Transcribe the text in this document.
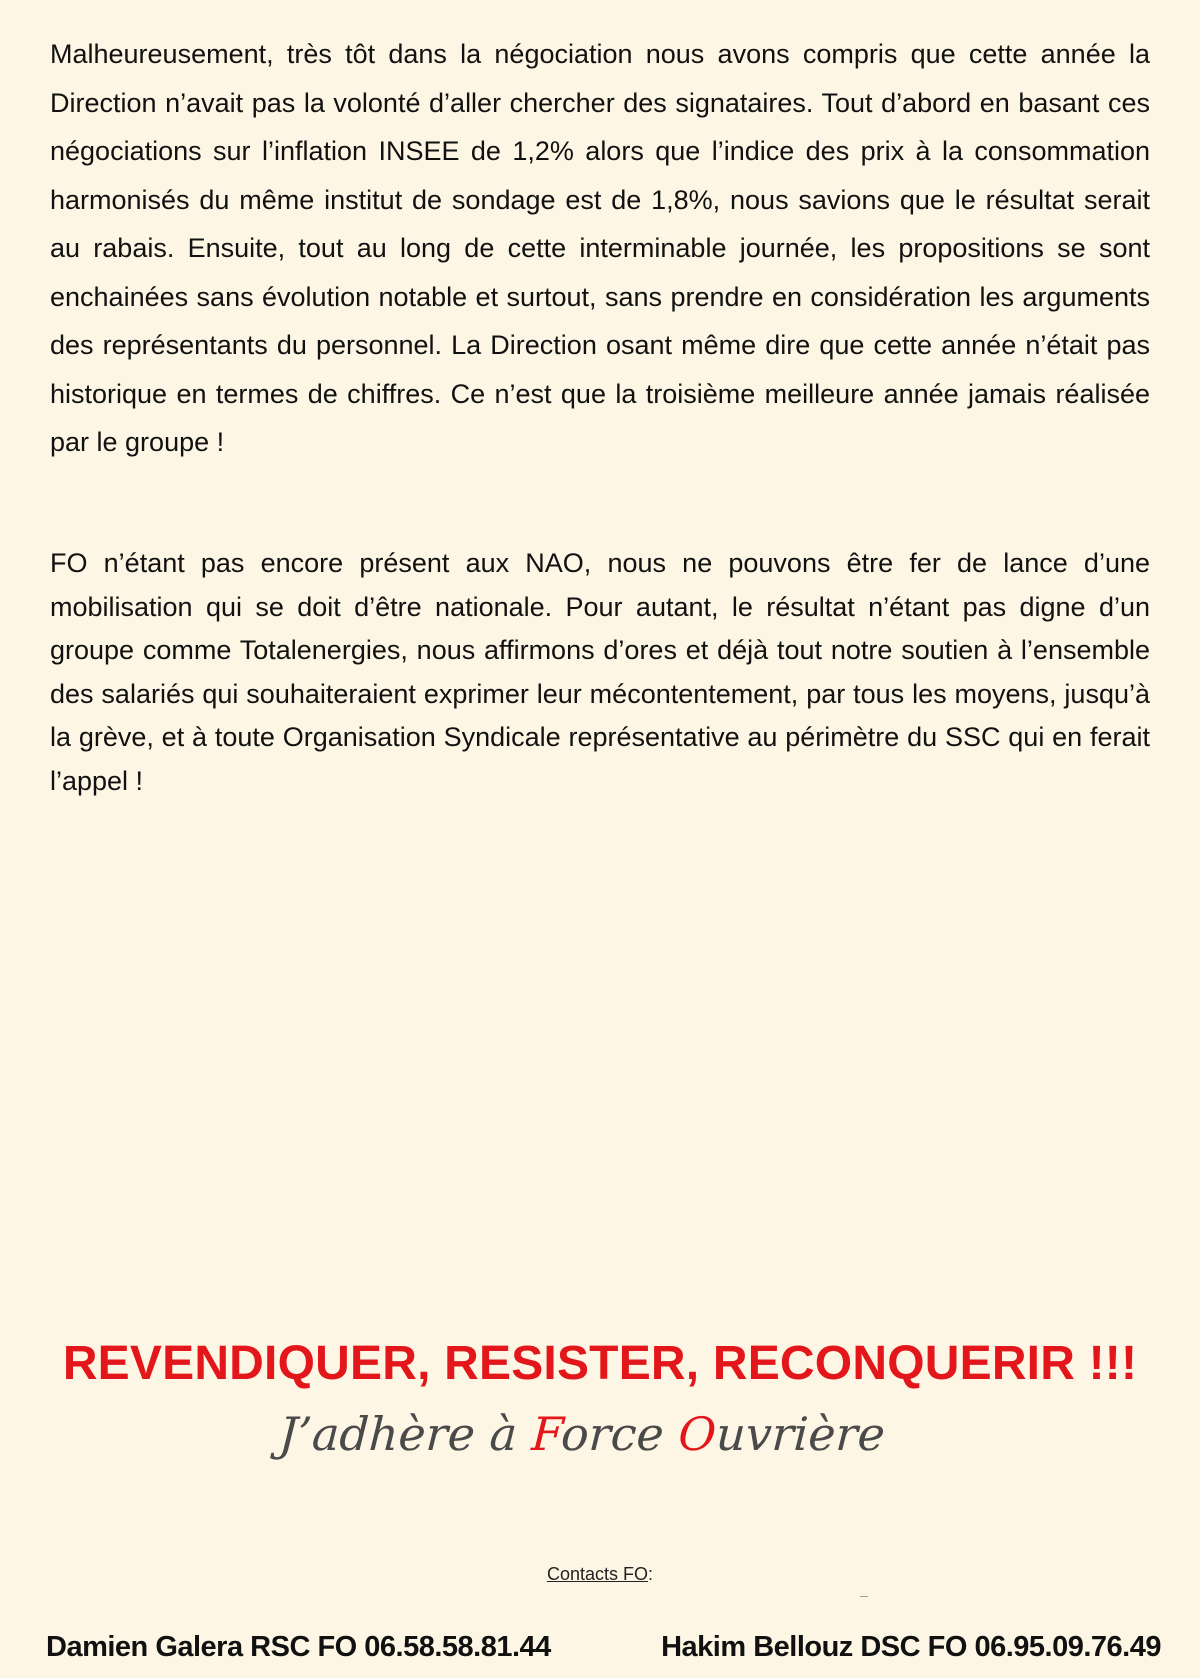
Malheureusement, très tôt dans la négociation nous avons compris que cette année la Direction n’avait pas la volonté d’aller chercher des signataires. Tout d’abord en basant ces négociations sur l’inflation INSEE de 1,2% alors que l’indice des prix à la consommation harmonisés du même institut de sondage est de 1,8%, nous savions que le résultat serait au rabais. Ensuite, tout au long de cette interminable journée, les propositions se sont enchainées sans évolution notable et surtout, sans prendre en considération les arguments des représentants du personnel. La Direction osant même dire que cette année n’était pas historique en termes de chiffres. Ce n’est que la troisième meilleure année jamais réalisée par le groupe !

FO n’étant pas encore présent aux NAO, nous ne pouvons être fer de lance d’une mobilisation qui se doit d’être nationale. Pour autant, le résultat n’étant pas digne d’un groupe comme Totalenergies, nous affirmons d’ores et déjà tout notre soutien à l’ensemble des salariés qui souhaiteraient exprimer leur mécontentement, par tous les moyens, jusqu’à la grève, et à toute Organisation Syndicale représentative au périmètre du SSC qui en ferait l’appel !

REVENDIQUER, RESISTER, RECONQUERIR !!!
J’adhère à Force Ouvrière
Contacts FO:
Damien Galera RSC FO 06.58.58.81.44	Hakim Bellouz DSC FO 06.95.09.76.49
